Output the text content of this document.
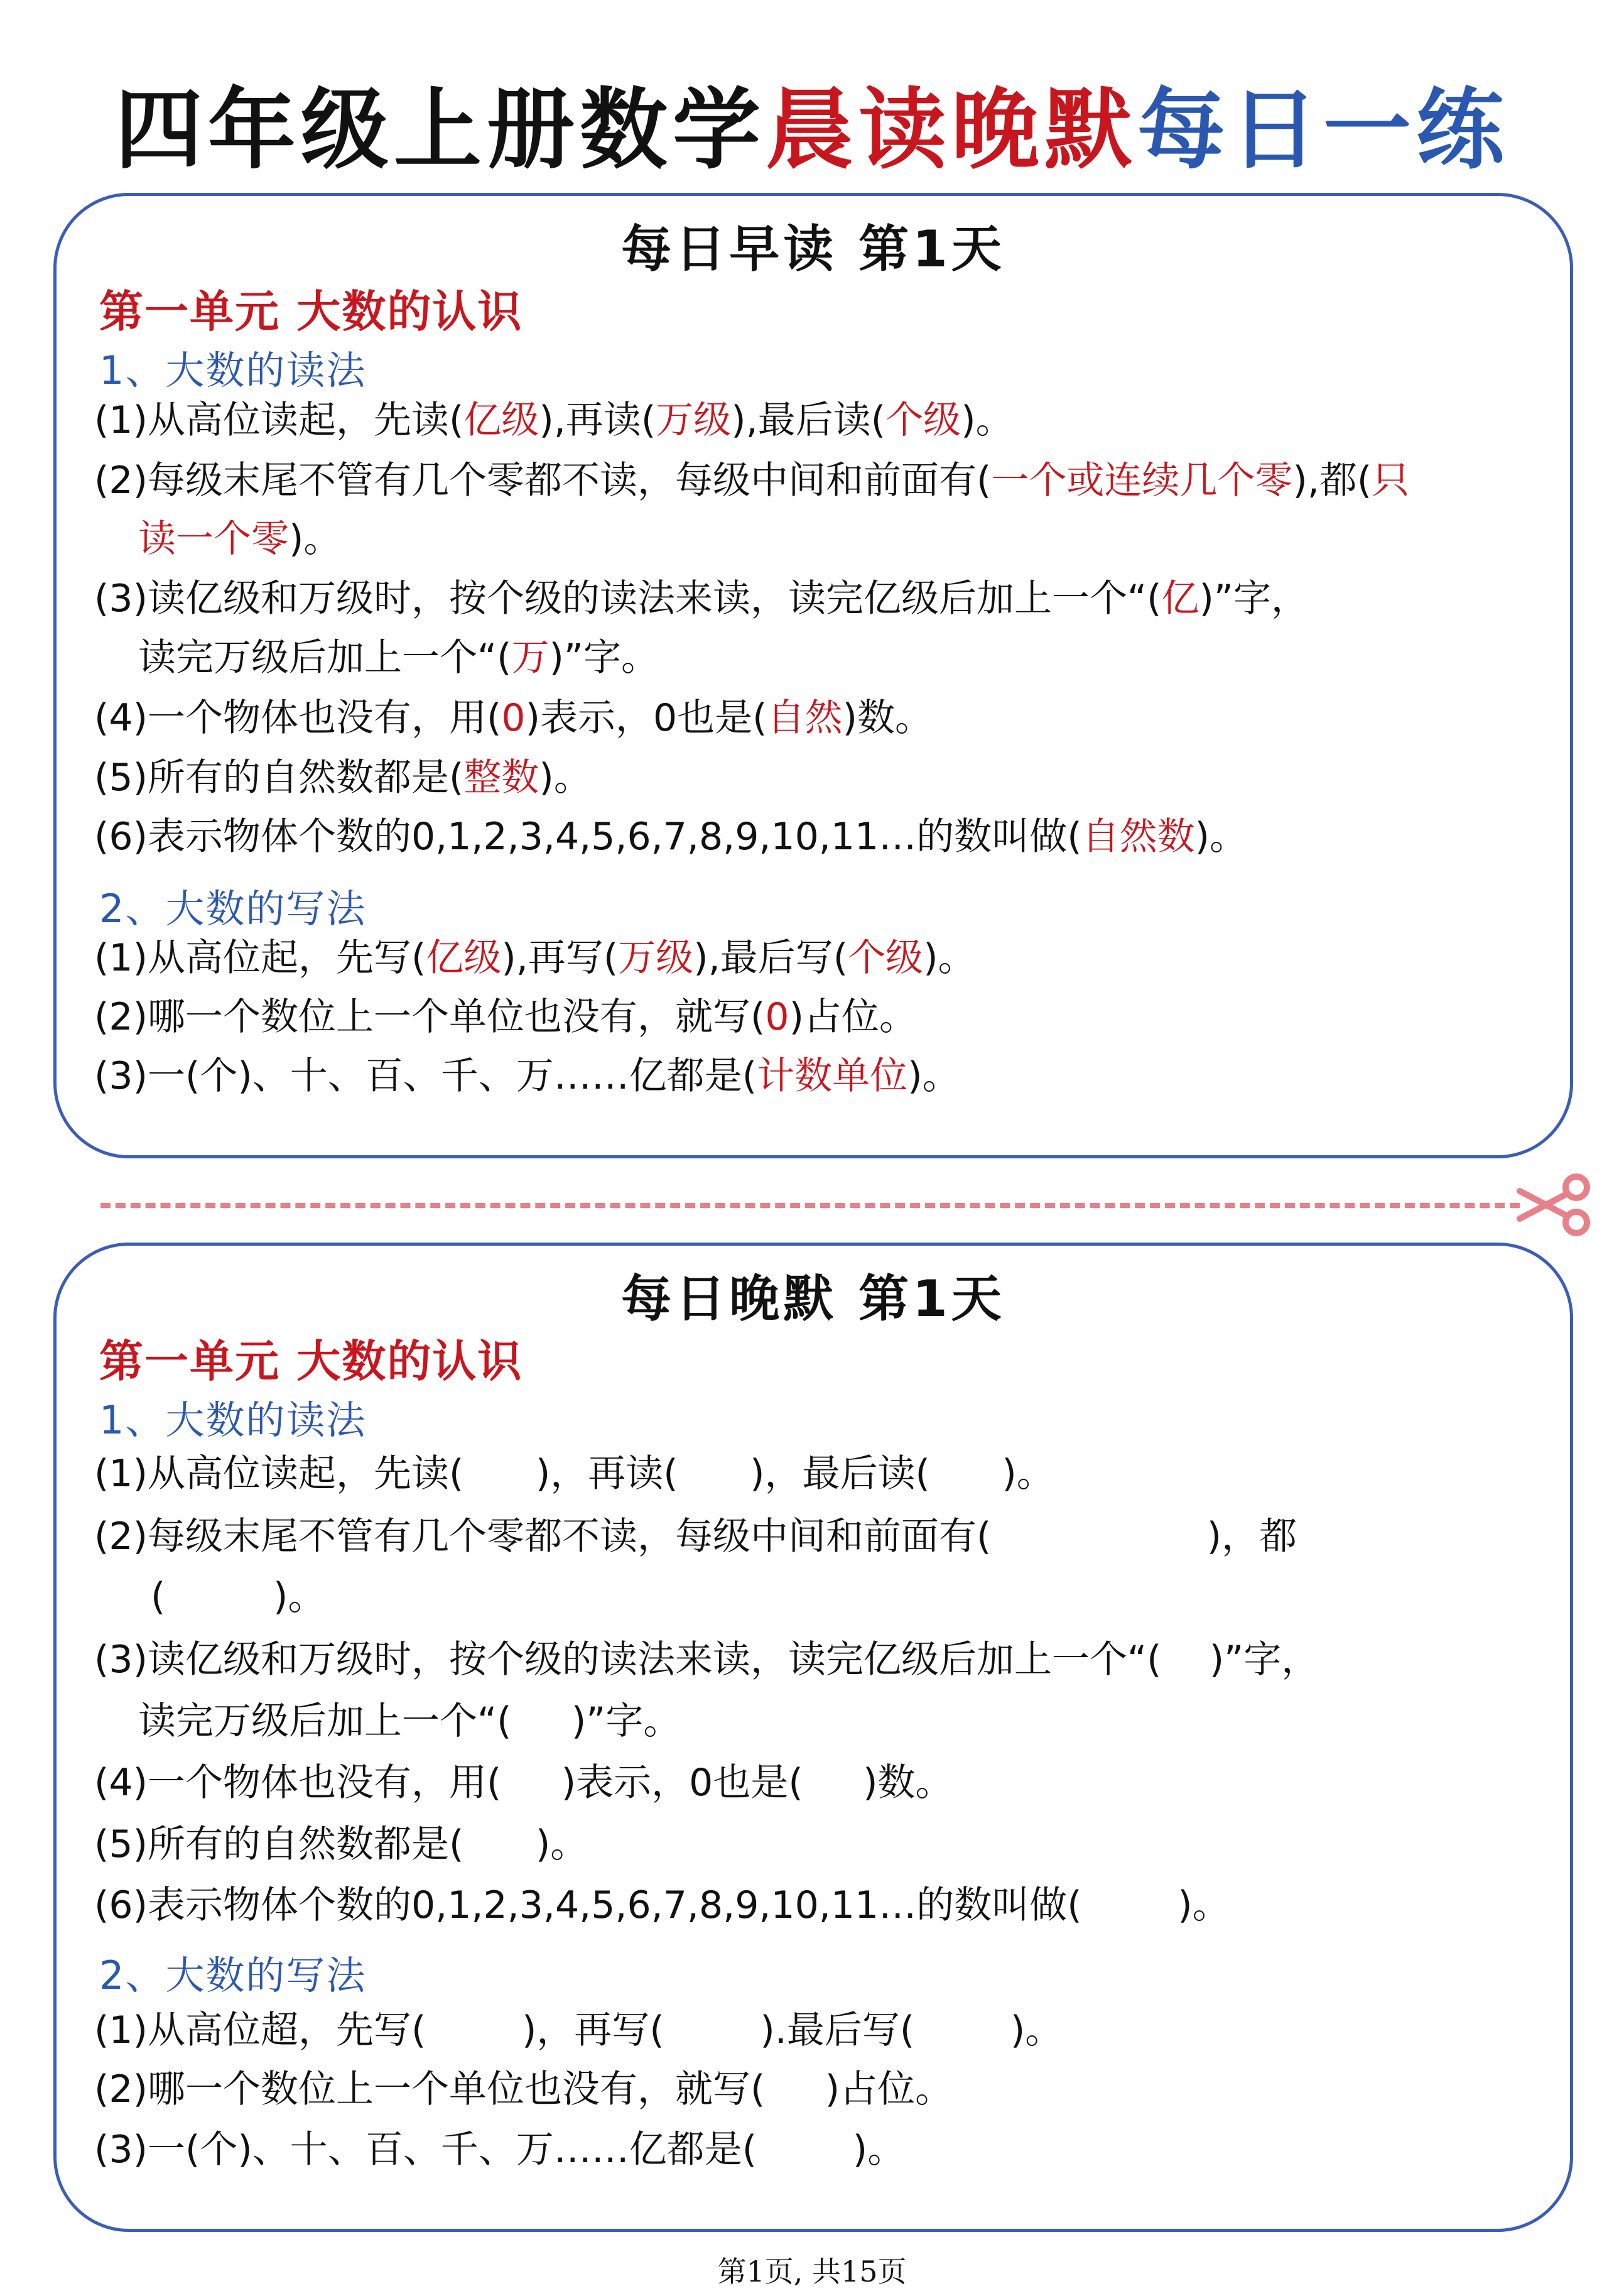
四年级上册数学晨读晚默每日一练
每日早读 第1天
第一单元 大数的认识
1、大数的读法
(1)从高位读起，先读(亿级),再读(万级),最后读(个级)。
(2)每级末尾不管有几个零都不读，每级中间和前面有(一个或连续几个零),都(只
读一个零)。
(3)读亿级和万级时，按个级的读法来读，读完亿级后加上一个“(亿)”字，
读完万级后加上一个“(万)”字。
(4)一个物体也没有，用(0)表示，0也是(自然)数。
(5)所有的自然数都是(整数)。
(6)表示物体个数的0,1,2,3,4,5,6,7,8,9,10,11…的数叫做(自然数)。
2、大数的写法
(1)从高位起，先写(亿级),再写(万级),最后写(个级)。
(2)哪一个数位上一个单位也没有，就写(0)占位。
(3)一(个)、十、百、千、万……亿都是(计数单位)。
每日晚默 第1天
第一单元 大数的认识
1、大数的读法
(1)从高位读起，先读(      )，再读(      )，最后读(      )。
(2)每级末尾不管有几个零都不读，每级中间和前面有(                  )，都
(         )。
(3)读亿级和万级时，按个级的读法来读，读完亿级后加上一个“(    )”字，
读完万级后加上一个“(     )”字。
(4)一个物体也没有，用(     )表示，0也是(     )数。
(5)所有的自然数都是(      )。
(6)表示物体个数的0,1,2,3,4,5,6,7,8,9,10,11…的数叫做(        )。
2、大数的写法
(1)从高位超，先写(        )，再写(        ).最后写(        )。
(2)哪一个数位上一个单位也没有，就写(     )占位。
(3)一(个)、十、百、千、万……亿都是(        )。
第1页, 共15页
